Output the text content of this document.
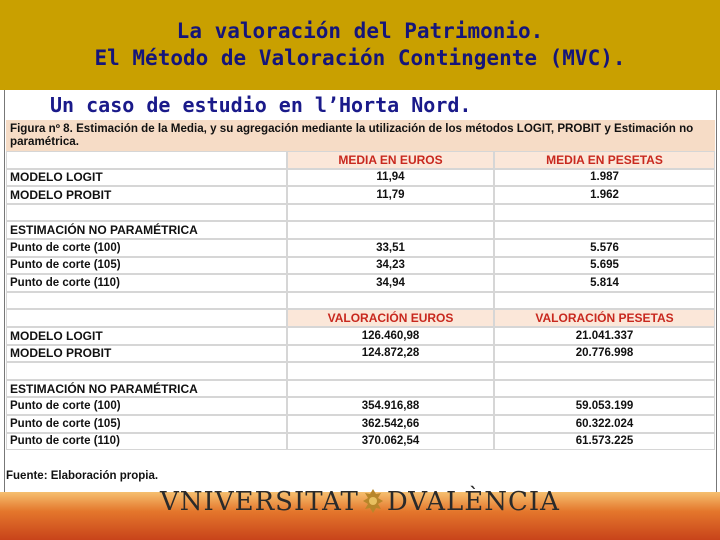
La valoración del Patrimonio.
El Método de Valoración Contingente (MVC).
Un caso de estudio en l’Horta Nord.
Figura nº 8. Estimación de la Media, y su agregación mediante la utilización de los métodos LOGIT, PROBIT y Estimación no paramétrica.
	MEDIA EN EUROS	MEDIA EN PESETAS
MODELO LOGIT	11,94	1.987
MODELO PROBIT	11,79	1.962

ESTIMACIÓN NO PARAMÉTRICA		
Punto de corte (100)	33,51	5.576
Punto de corte (105)	34,23	5.695
Punto de corte (110)	34,94	5.814

	VALORACIÓN EUROS	VALORACIÓN PESETAS
MODELO LOGIT	126.460,98	21.041.337
MODELO PROBIT	124.872,28	20.776.998

ESTIMACIÓN NO PARAMÉTRICA		
Punto de corte (100)	354.916,88	59.053.199
Punto de corte (105)	362.542,66	60.322.024
Punto de corte (110)	370.062,54	61.573.225
Fuente: Elaboración propia.
VNIVERSITAT DVALÈNCIA
